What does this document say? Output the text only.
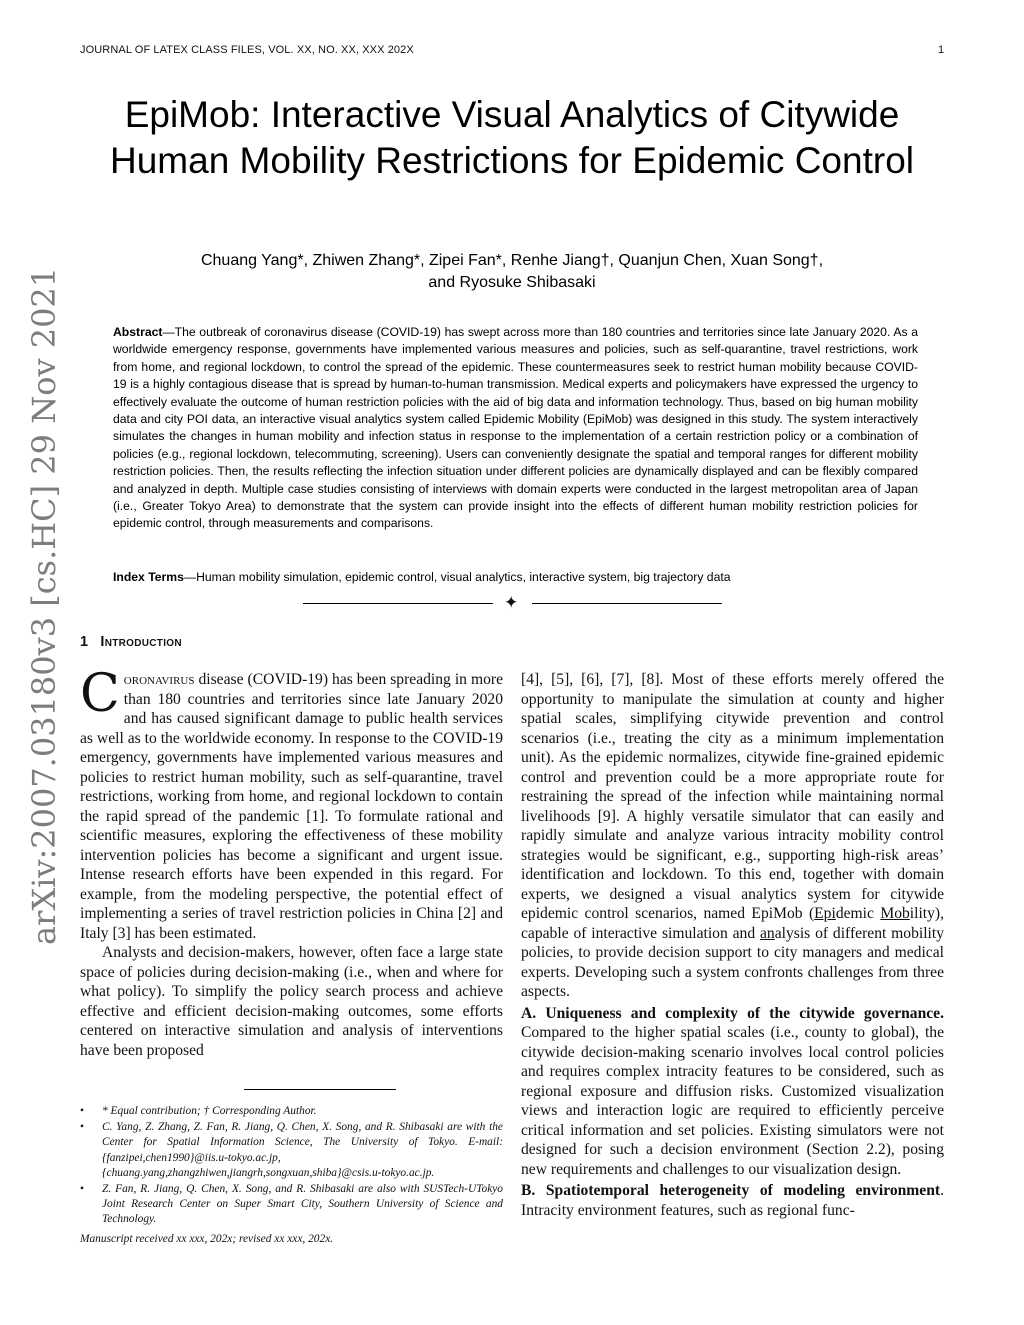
JOURNAL OF LATEX CLASS FILES, VOL. XX, NO. XX, XXX 202X	1
EpiMob: Interactive Visual Analytics of Citywide Human Mobility Restrictions for Epidemic Control
Chuang Yang*, Zhiwen Zhang*, Zipei Fan*, Renhe Jiang†, Quanjun Chen, Xuan Song†,
and Ryosuke Shibasaki
Abstract—The outbreak of coronavirus disease (COVID-19) has swept across more than 180 countries and territories since late January 2020. As a worldwide emergency response, governments have implemented various measures and policies, such as self-quarantine, travel restrictions, work from home, and regional lockdown, to control the spread of the epidemic. These countermeasures seek to restrict human mobility because COVID-19 is a highly contagious disease that is spread by human-to-human transmission. Medical experts and policymakers have expressed the urgency to effectively evaluate the outcome of human restriction policies with the aid of big data and information technology. Thus, based on big human mobility data and city POI data, an interactive visual analytics system called Epidemic Mobility (EpiMob) was designed in this study. The system interactively simulates the changes in human mobility and infection status in response to the implementation of a certain restriction policy or a combination of policies (e.g., regional lockdown, telecommuting, screening). Users can conveniently designate the spatial and temporal ranges for different mobility restriction policies. Then, the results reflecting the infection situation under different policies are dynamically displayed and can be flexibly compared and analyzed in depth. Multiple case studies consisting of interviews with domain experts were conducted in the largest metropolitan area of Japan (i.e., Greater Tokyo Area) to demonstrate that the system can provide insight into the effects of different human mobility restriction policies for epidemic control, through measurements and comparisons.
Index Terms—Human mobility simulation, epidemic control, visual analytics, interactive system, big trajectory data
✦
arXiv:2007.03180v3 [cs.HC] 29 Nov 2021 1 Introduction

Coronavirus disease (COVID-19) has been spreading in more than 180 countries and territories since late January 2020 and has caused significant damage to public health services as well as to the worldwide economy. In response to the COVID-19 emergency, governments have implemented various measures and policies to restrict human mobility, such as self-quarantine, travel restrictions, working from home, and regional lockdown to contain the rapid spread of the pandemic [1]. To formulate rational and scientific measures, exploring the effectiveness of these mobility intervention policies has become a significant and urgent issue. Intense research efforts have been expended in this regard. For example, from the modeling perspective, the potential effect of implementing a series of travel restriction policies in China [2] and Italy [3] has been estimated.

Analysts and decision-makers, however, often face a large state space of policies during decision-making (i.e., when and where for what policy). To simplify the policy search process and achieve effective and efficient decision-making outcomes, some efforts centered on interactive simulation and analysis of interventions have been proposed

[4], [5], [6], [7], [8]. Most of these efforts merely offered the opportunity to manipulate the simulation at county and higher spatial scales, simplifying citywide prevention and control scenarios (i.e., treating the city as a minimum implementation unit). As the epidemic normalizes, citywide fine-grained epidemic control and prevention could be a more appropriate route for restraining the spread of the infection while maintaining normal livelihoods [9]. A highly versatile simulator that can easily and rapidly simulate and analyze various intracity mobility control strategies would be significant, e.g., supporting high-risk areas’ identification and lockdown. To this end, together with domain experts, we designed a visual analytics system for citywide epidemic control scenarios, named EpiMob (Epidemic Mobility), capable of interactive simulation and analysis of different mobility policies, to provide decision support to city managers and medical experts. Developing such a system confronts challenges from three aspects.

A. Uniqueness and complexity of the citywide governance. Compared to the higher spatial scales (i.e., county to global), the citywide decision-making scenario involves local control policies and requires complex intracity features to be considered, such as regional exposure and diffusion risks. Customized visualization views and interaction logic are required to efficiently perceive critical information and set policies. Existing simulators were not designed for such a decision environment (Section 2.2), posing new requirements and challenges to our visualization design.

B. Spatiotemporal heterogeneity of modeling environment. Intracity environment features, such as regional func-

• * Equal contribution; † Corresponding Author.
• C. Yang, Z. Zhang, Z. Fan, R. Jiang, Q. Chen, X. Song, and R. Shibasaki are with the Center for Spatial Information Science, The University of Tokyo. E-mail: {fanzipei,chen1990}@iis.u-tokyo.ac.jp, {chuang.yang,zhangzhiwen,jiangrh,songxuan,shiba}@csis.u-tokyo.ac.jp.
• Z. Fan, R. Jiang, Q. Chen, X. Song, and R. Shibasaki are also with SUSTech-UTokyo Joint Research Center on Super Smart City, Southern University of Science and Technology.
Manuscript received xx xxx, 202x; revised xx xxx, 202x.
